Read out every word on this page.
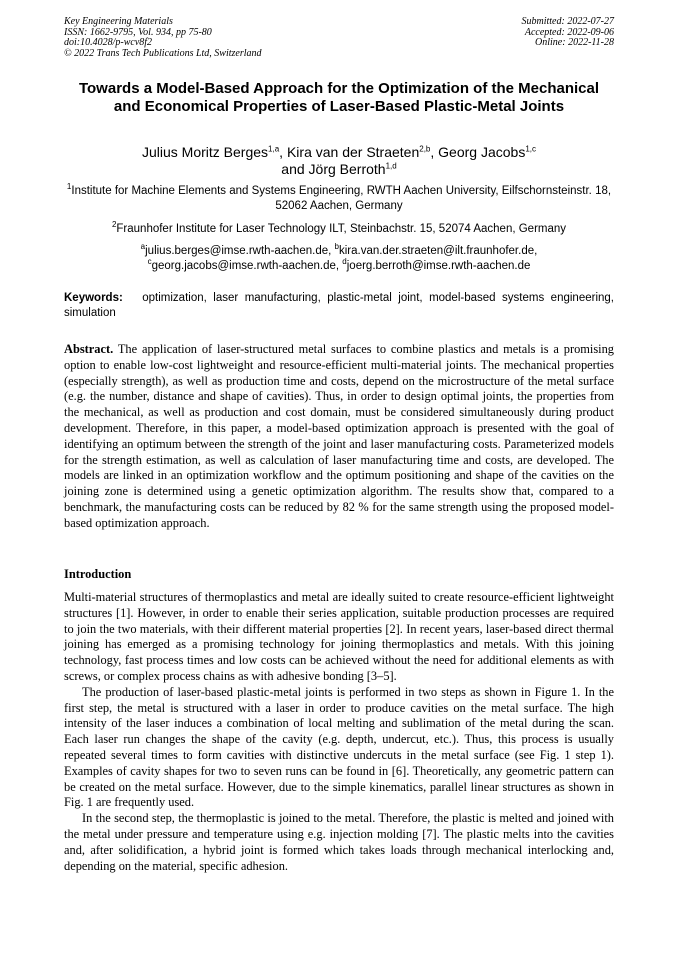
Key Engineering Materials
ISSN: 1662-9795, Vol. 934, pp 75-80
doi:10.4028/p-wcv8f2
© 2022 Trans Tech Publications Ltd, Switzerland
Submitted: 2022-07-27
Accepted: 2022-09-06
Online: 2022-11-28
Towards a Model-Based Approach for the Optimization of the Mechanical and Economical Properties of Laser-Based Plastic-Metal Joints
Julius Moritz Berges$^{1,a}$, Kira van der Straeten$^{2,b}$, Georg Jacobs$^{1,c}$
and Jörg Berroth$^{1,d}$
$^1$Institute for Machine Elements and Systems Engineering, RWTH Aachen University, Eilfschornsteinstr. 18, 52062 Aachen, Germany
$^2$Fraunhofer Institute for Laser Technology ILT, Steinbachstr. 15, 52074 Aachen, Germany
$^a$julius.berges@imse.rwth-aachen.de, $^b$kira.van.der.straeten@ilt.fraunhofer.de,
$^c$georg.jacobs@imse.rwth-aachen.de, $^d$joerg.berroth@imse.rwth-aachen.de
Keywords: optimization, laser manufacturing, plastic-metal joint, model-based systems engineering, simulation
Abstract. The application of laser-structured metal surfaces to combine plastics and metals is a promising option to enable low-cost lightweight and resource-efficient multi-material joints. The mechanical properties (especially strength), as well as production time and costs, depend on the microstructure of the metal surface (e.g. the number, distance and shape of cavities). Thus, in order to design optimal joints, the properties from the mechanical, as well as production and cost domain, must be considered simultaneously during product development. Therefore, in this paper, a model-based optimization approach is presented with the goal of identifying an optimum between the strength of the joint and laser manufacturing costs. Parameterized models for the strength estimation, as well as calculation of laser manufacturing time and costs, are developed. The models are linked in an optimization workflow and the optimum positioning and shape of the cavities on the joining zone is determined using a genetic optimization algorithm. The results show that, compared to a benchmark, the manufacturing costs can be reduced by 82 % for the same strength using the proposed model-based optimization approach.
Introduction

Multi-material structures of thermoplastics and metal are ideally suited to create resource-efficient lightweight structures [1]. However, in order to enable their series application, suitable production processes are required to join the two materials, with their different material properties [2]. In recent years, laser-based direct thermal joining has emerged as a promising technology for joining thermoplastics and metals. With this joining technology, fast process times and low costs can be achieved without the need for additional elements as with screws, or complex process chains as with adhesive bonding [3–5].

The production of laser-based plastic-metal joints is performed in two steps as shown in Figure 1. In the first step, the metal is structured with a laser in order to produce cavities on the metal surface. The high intensity of the laser induces a combination of local melting and sublimation of the metal during the scan. Each laser run changes the shape of the cavity (e.g. depth, undercut, etc.). Thus, this process is usually repeated several times to form cavities with distinctive undercuts in the metal surface (see Fig. 1 step 1). Examples of cavity shapes for two to seven runs can be found in [6]. Theoretically, any geometric pattern can be created on the metal surface. However, due to the simple kinematics, parallel linear structures as shown in Fig. 1 are frequently used.

In the second step, the thermoplastic is joined to the metal. Therefore, the plastic is melted and joined with the metal under pressure and temperature using e.g. injection molding [7]. The plastic melts into the cavities and, after solidification, a hybrid joint is formed which takes loads through mechanical interlocking and, depending on the material, specific adhesion.
